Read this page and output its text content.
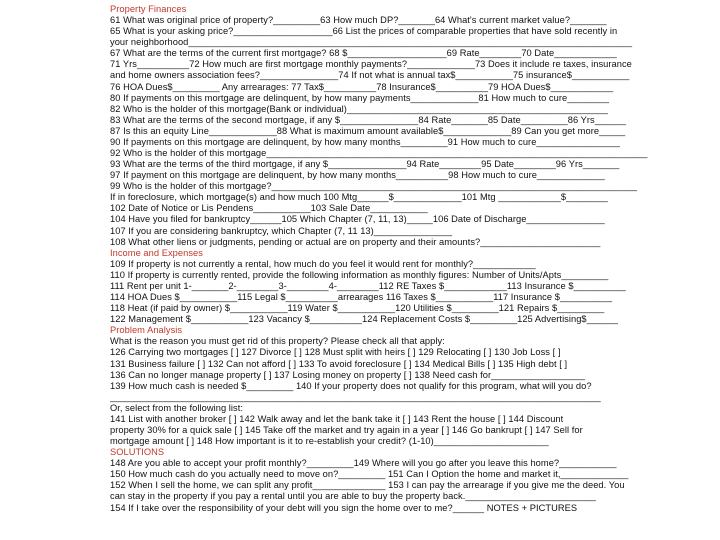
Property Finances
61 What was original price of property?_________63 How much DP?_______64 What's current market value?_______
65 What is your asking price?___________________66 List the prices of comparable properties that have sold recently in
your neighborhood_____________________________________________________________________________________
67 What are the terms of the current first mortgage? 68 $___________________69 Rate________70 Date____________
71 Yrs__________72 How much are first mortgage monthly payments?_____________73 Does it include re taxes, insurance
and home owners association fees?_______________74 If not what is annual tax$___________75 insurance$___________
76 HOA Dues$_________ Any arrearages: 77 Tax$__________78 Insurance$__________79 HOA Dues$____________
80 If payments on this mortgage are delinquent, by how many payments_____________81 How much to cure________
82 Who is the holder of this mortgage(Bank or individual)__________________________________________________
83 What are the terms of the second mortgage, if any $_______________84 Rate_______85 Date_________86 Yrs______
87 Is this an equity Line_____________88 What is maximum amount available$_____________89 Can you get more_____
90 If payments on this mortgage are delinquent, by how many months_________91 How much to cure________________
92 Who is the holder of this mortgage_________________________________________________________________________
93 What are the terms of the third mortgage, if any $_______________94 Rate________95 Date________96 Yrs_______
97 If payment on this mortgage are delinquent, by how many months__________98 How much to cure_____________
99 Who is the holder of this mortgage?______________________________________________________________________
If in foreclosure, which mortgage(s) and how much 100 Mtg______$_____________101 Mtg ____________$________
102 Date of Notice or Lis Pendens___________103 Sale Date___________
104 Have you filed for bankruptcy______105 Which Chapter (7, 11, 13)_____106 Date of Discharge_______________
107 If you are considering bankruptcy, which Chapter (7, 11 13)_______________
108 What other liens or judgments, pending or actual are on property and their amounts?_______________________
Income and Expenses
109 If property is not currently a rental, how much do you feel it would rent for monthly?____________
110 If property is currently rented, provide the following information as monthly figures: Number of Units/Apts_________
111 Rent per unit 1-_______2-________3-________4-________112 RE Taxes $____________113 Insurance $__________
114 HOA Dues $___________115 Legal $__________arrearages 116 Taxes $___________117 Insurance $__________
118 Heat (if paid by owner) $___________119 Water $___________120 Utilities $_________121 Repairs $_________
122 Management $___________123 Vacancy $__________124 Replacement Costs $_________125 Advertising$______
Problem Analysis
What is the reason you must get rid of this property? Please check all that apply:
126 Carrying two mortgages [ ] 127 Divorce [ ] 128 Must split with heirs [ ] 129 Relocating [ ] 130 Job Loss [ ]
131 Business failure [ ] 132 Can not afford [ ] 133 To avoid foreclosure [ ] 134 Medical Bills [ ] 135 High debt [ ]
136 Can no longer manage property [ ] 137 Losing money on property [ ] 138 Need cash for__________________
139 How much cash is needed $_________ 140 If your property does not qualify for this program, what will you do?
______________________________________________________________________________________________
Or, select from the following list:
141 List with another broker [ ] 142 Walk away and let the bank take it [ ] 143 Rent the house [ ] 144 Discount
property 30% for a quick sale [ ] 145 Take off the market and try again in a year [ ] 146 Go bankrupt [ ] 147 Sell for
mortgage amount [ ] 148 How important is it to re-establish your credit? (1-10)______________________
SOLUTIONS
148 Are you able to accept your profit monthly?_________149 Where will you go after you leave this home?___________
150 How much cash do you actually need to move on?_________ 151 Can I Option the home and market it,_____________
152 When I sell the home, we can split any profit______________ 153 I can pay the arrearage if you give me the deed. You
can stay in the property if you pay a rental until you are able to buy the property back._________________________
154 If I take over the responsibility of your debt will you sign the home over to me?______ NOTES + PICTURES
